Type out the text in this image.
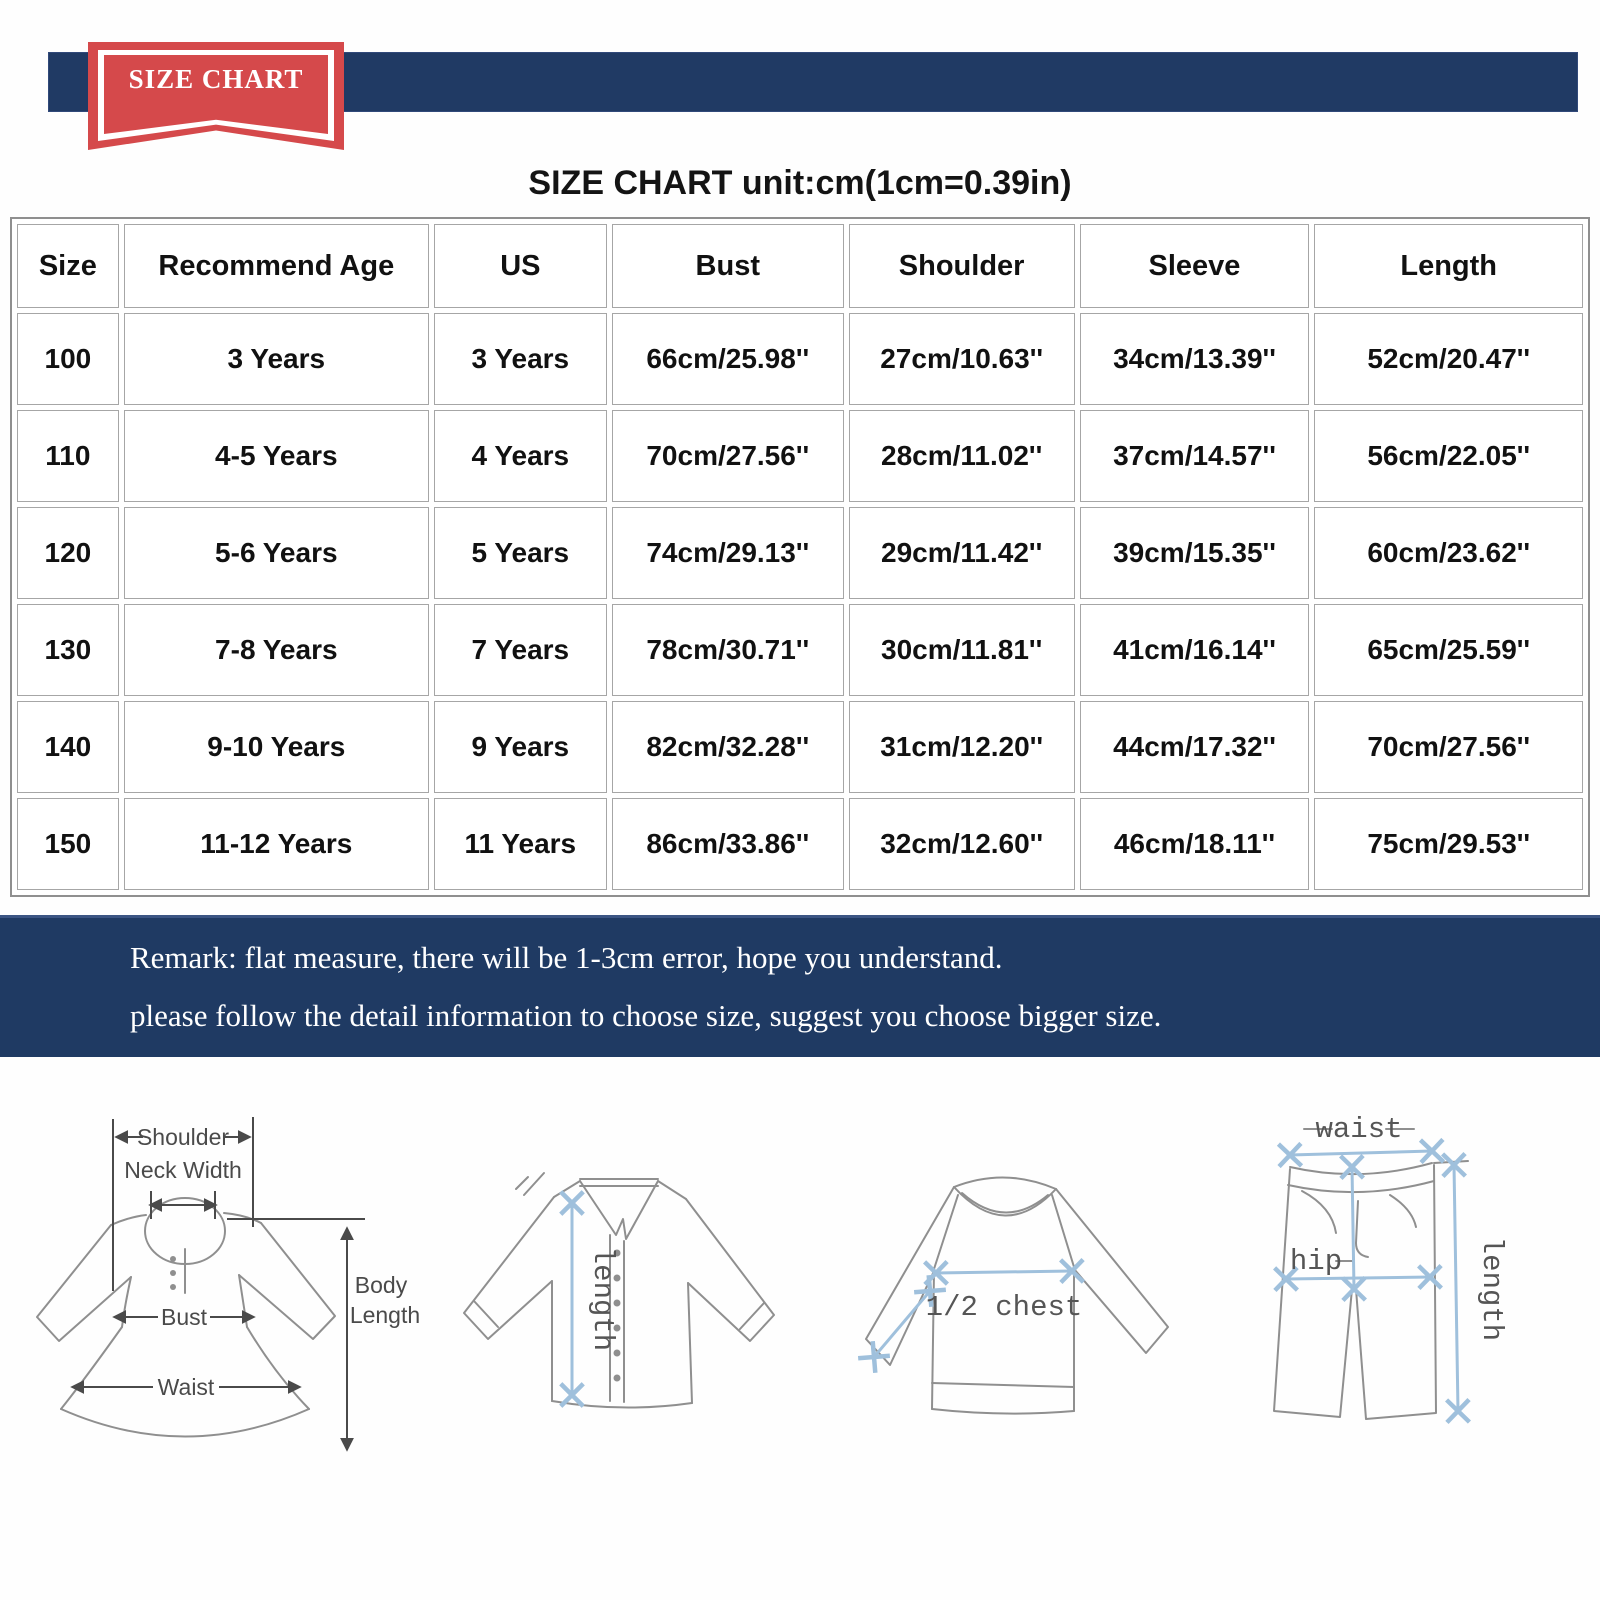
SIZE CHART
SIZE CHART unit:cm(1cm=0.39in)
Size	Recommend Age	US	Bust	Shoulder	Sleeve	Length
100	3 Years	3 Years	66cm/25.98''	27cm/10.63''	34cm/13.39''	52cm/20.47''
110	4-5 Years	4 Years	70cm/27.56''	28cm/11.02''	37cm/14.57''	56cm/22.05''
120	5-6 Years	5 Years	74cm/29.13''	29cm/11.42''	39cm/15.35''	60cm/23.62''
130	7-8 Years	7 Years	78cm/30.71''	30cm/11.81''	41cm/16.14''	65cm/25.59''
140	9-10 Years	9 Years	82cm/32.28''	31cm/12.20''	44cm/17.32''	70cm/27.56''
150	11-12 Years	11 Years	86cm/33.86''	32cm/12.60''	46cm/18.11''	75cm/29.53''

Remark: flat measure, there will be 1-3cm error, hope you understand.

please follow the detail information to choose size, suggest you choose bigger size.

Shoulder
Neck Width
Bust
Waist
Body
Length	length	1/2 chest
waist
hip	length
